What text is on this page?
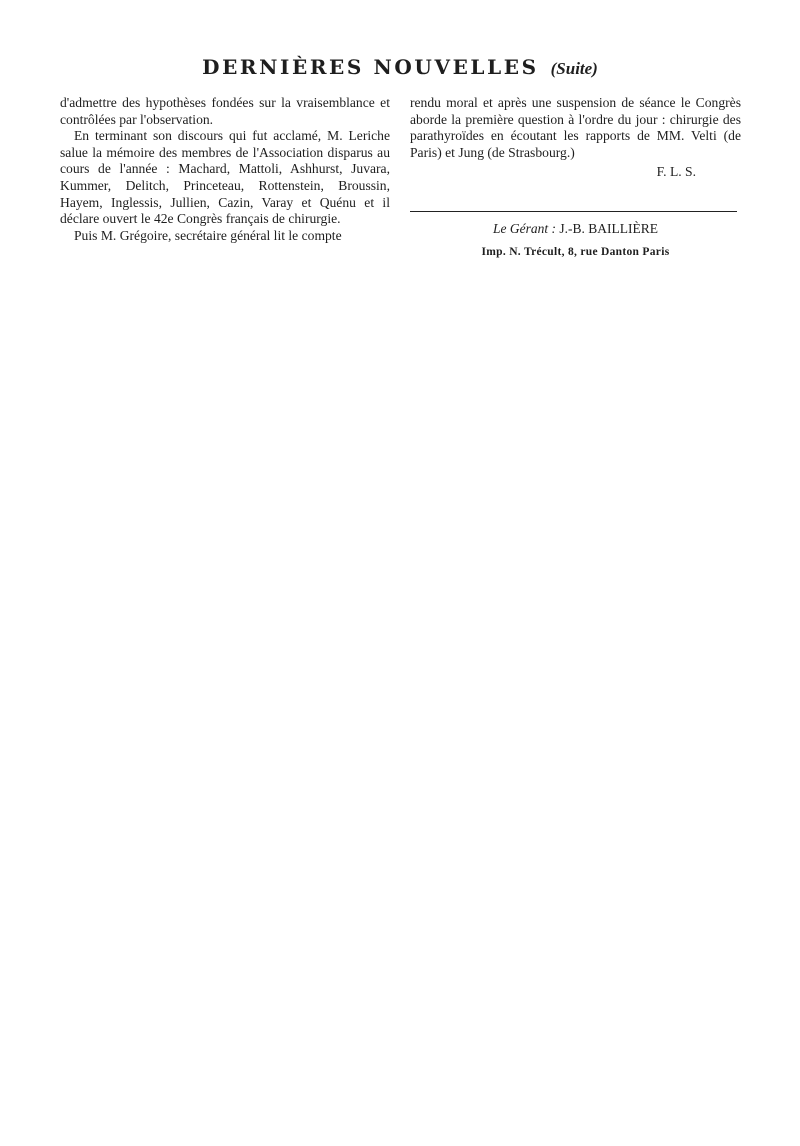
DERNIÈRES NOUVELLES (Suite)

d'admettre des hypothèses fondées sur la vraisemblance et contrôlées par l'observation.

En terminant son discours qui fut acclamé, M. Leriche salue la mémoire des membres de l'Association disparus au cours de l'année : Machard, Mattoli, Ashhurst, Juvara, Kummer, Delitch, Princeteau, Rottenstein, Broussin, Hayem, Inglessis, Jullien, Cazin, Varay et Quénu et il déclare ouvert le 42e Congrès français de chirurgie.

Puis M. Grégoire, secrétaire général lit le compte

rendu moral et après une suspension de séance le Congrès aborde la première question à l'ordre du jour : chirurgie des parathyroïdes en écoutant les rapports de MM. Velti (de Paris) et Jung (de Strasbourg.)

F. L. S.

Le Gérant : J.-B. BAILLIÈRE
Imp. N. Trécult, 8, rue Danton Paris
